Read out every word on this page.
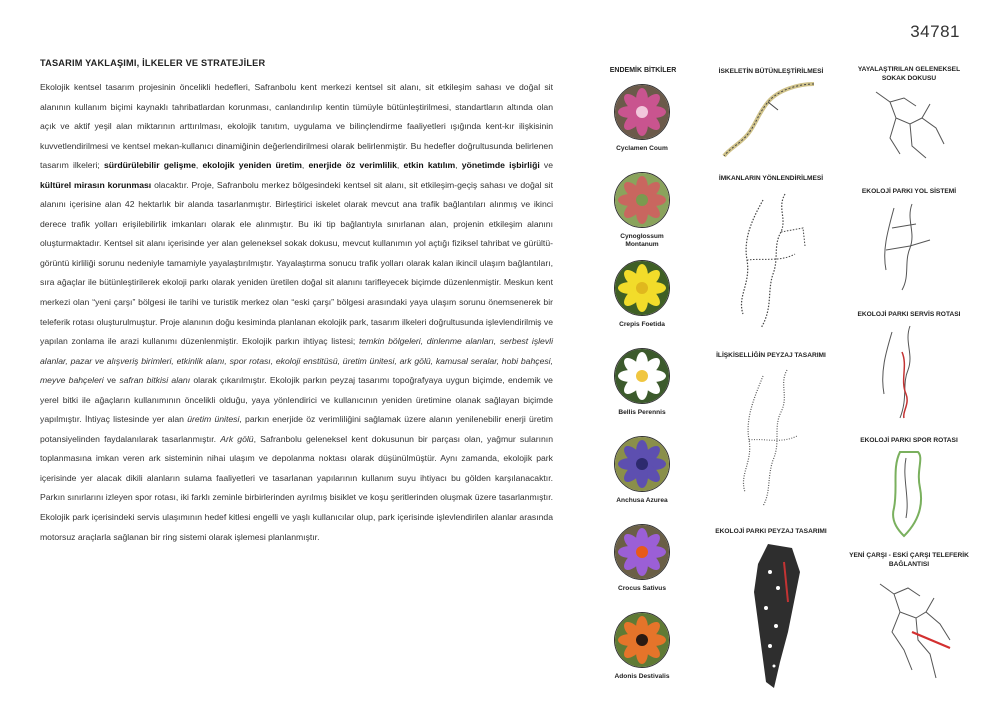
34781
TASARIM YAKLAŞIMI, İLKELER VE STRATEJİLER
Ekolojik kentsel tasarım projesinin öncelikli hedefleri, Safranbolu kent merkezi kentsel sit alanı, sit etkileşim sahası ve doğal sit alanının kullanım biçimi kaynaklı tahribatlardan korunması, canlandırılıp kentin tümüyle bütünleştirilmesi, standartların altında olan açık ve aktif yeşil alan miktarının arttırılması, ekolojik tanıtım, uygulama ve bilinçlendirme faaliyetleri ışığında kent-kır ilişkisinin kuvvetlendirilmesi ve kentsel mekan-kullanıcı dinamiğinin değerlendirilmesi olarak belirlenmiştir. Bu hedefler doğrultusunda belirlenen tasarım ilkeleri; sürdürülebilir gelişme, ekolojik yeniden üretim, enerjide öz verimlilik, etkin katılım, yönetimde işbirliği ve kültürel mirasın korunması olacaktır. Proje, Safranbolu merkez bölgesindeki kentsel sit alanı, sit etkileşim-geçiş sahası ve doğal sit alanını içerisine alan 42 hektarlık bir alanda tasarlanmıştır. Birleştirici iskelet olarak mevcut ana trafik bağlantıları alınmış ve ikinci derece trafik yolları erişilebilirlik imkanları olarak ele alınmıştır. Bu iki tip bağlantıyla sınırlanan alan, projenin etkileşim alanını oluşturmaktadır. Kentsel sit alanı içerisinde yer alan geleneksel sokak dokusu, mevcut kullanımın yol açtığı fiziksel tahribat ve gürültü-görüntü kirliliği sorunu nedeniyle tamamiyle yayalaştırılmıştır. Yayalaştırma sonucu trafik yolları olarak kalan ikincil ulaşım bağlantıları, sıra ağaçlar ile bütünleştirilerek ekoloji parkı olarak yeniden üretilen doğal sit alanını tarifleyecek biçimde düzenlenmiştir. Meskun kent merkezi olan “yeni çarşı” bölgesi ile tarihi ve turistik merkez olan “eski çarşı” bölgesi arasındaki yaya ulaşım sorunu önemsenerek bir teleferik rotası oluşturulmuştur. Proje alanının doğu kesiminda planlanan ekolojik park, tasarım ilkeleri doğrultusunda işlevlendirilmiş ve yapılan zonlama ile arazi kullanımı düzenlenmiştir. Ekolojik parkın ihtiyaç listesi; temkin bölgeleri, dinlenme alanları, serbest işlevli alanlar, pazar ve alışveriş birimleri, etkinlik alanı, spor rotası, ekoloji enstitüsü, üretim ünitesi, ark gölü, kamusal seralar, hobi bahçesi, meyve bahçeleri ve safran bitkisi alanı olarak çıkarılmıştır. Ekolojik parkın peyzaj tasarımı topoğrafyaya uygun biçimde, endemik ve yerel bitki ile ağaçların kullanımının öncelikli olduğu, yaya yönlendirici ve kullanıcının yeniden üretimine olanak sağlayan biçimde yapılmıştır. İhtiyaç listesinde yer alan üretim ünitesi, parkın enerjide öz verimliliğini sağlamak üzere alanın yenilenebilir enerji üretim potansiyelinden faydalanılarak tasarlanmıştır. Ark gölü, Safranbolu geleneksel kent dokusunun bir parçası olan, yağmur sularının toplanmasına imkan veren ark sisteminin nihai ulaşım ve depolanma noktası olarak düşünülmüştür. Aynı zamanda, ekolojik park içerisinde yer alacak dikili alanların sulama faaliyetleri ve tasarlanan yapılarının kullanım suyu ihtiyacı bu gölden karşılanacaktır. Parkın sınırlarını izleyen spor rotası, iki farklı zeminle birbirlerinden ayrılmış bisiklet ve koşu şeritlerinden oluşmak üzere tasarlanmıştır. Ekolojik park içerisindeki servis ulaşımının hedef kitlesi engelli ve yaşlı kullanıcılar olup, park içerisinde işlevlendirilen alanlar arasında motorsuz araçlarla sağlanan bir ring sistemi olarak işlemesi planlanmıştır.
ENDEMİK BİTKİLER
Cyclamen Coum
Cynoglossum Montanum
Crepis Foetida
Bellis Perennis
Anchusa Azurea
Crocus Sativus
Adonis Destivalis
İSKELETİN BÜTÜNLEŞTİRİLMESİ
İMKANLARIN YÖNLENDİRİLMESİ
İLİŞKİSELLİĞİN PEYZAJ TASARIMI
EKOLOJİ PARKI PEYZAJ TASARIMI
YAYALAŞTIRILAN GELENEKSEL SOKAK DOKUSU
EKOLOJİ PARKI YOL SİSTEMİ
EKOLOJİ PARKI SERVİS ROTASI
EKOLOJİ PARKI SPOR ROTASI
YENİ ÇARŞI - ESKİ ÇARŞI TELEFERİK BAĞLANTISI
